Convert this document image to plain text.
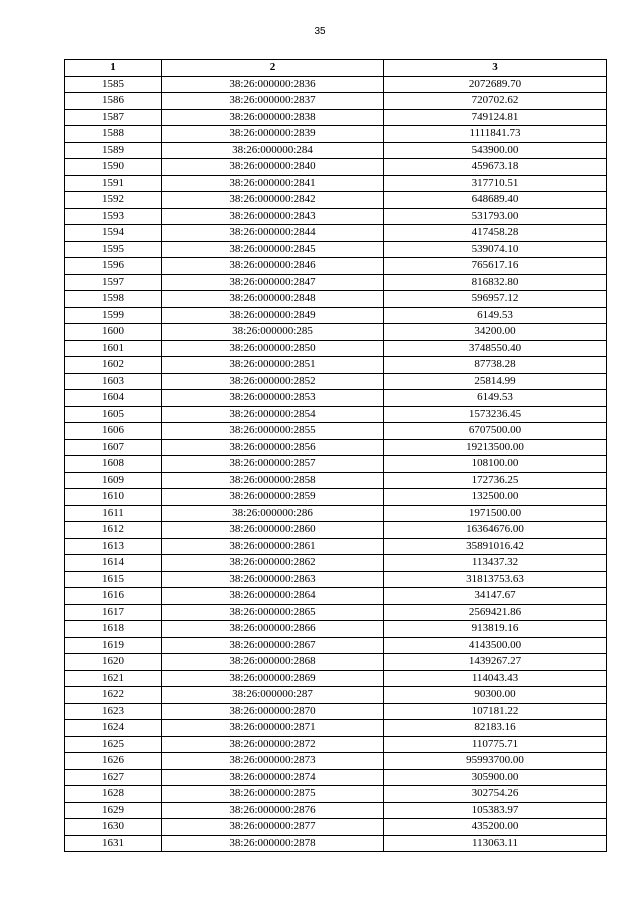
35
1	2	3
1585	38:26:000000:2836	2072689.70
1586	38:26:000000:2837	720702.62
1587	38:26:000000:2838	749124.81
1588	38:26:000000:2839	1111841.73
1589	38:26:000000:284	543900.00
1590	38:26:000000:2840	459673.18
1591	38:26:000000:2841	317710.51
1592	38:26:000000:2842	648689.40
1593	38:26:000000:2843	531793.00
1594	38:26:000000:2844	417458.28
1595	38:26:000000:2845	539074.10
1596	38:26:000000:2846	765617.16
1597	38:26:000000:2847	816832.80
1598	38:26:000000:2848	596957.12
1599	38:26:000000:2849	6149.53
1600	38:26:000000:285	34200.00
1601	38:26:000000:2850	3748550.40
1602	38:26:000000:2851	87738.28
1603	38:26:000000:2852	25814.99
1604	38:26:000000:2853	6149.53
1605	38:26:000000:2854	1573236.45
1606	38:26:000000:2855	6707500.00
1607	38:26:000000:2856	19213500.00
1608	38:26:000000:2857	108100.00
1609	38:26:000000:2858	172736.25
1610	38:26:000000:2859	132500.00
1611	38:26:000000:286	1971500.00
1612	38:26:000000:2860	16364676.00
1613	38:26:000000:2861	35891016.42
1614	38:26:000000:2862	113437.32
1615	38:26:000000:2863	31813753.63
1616	38:26:000000:2864	34147.67
1617	38:26:000000:2865	2569421.86
1618	38:26:000000:2866	913819.16
1619	38:26:000000:2867	4143500.00
1620	38:26:000000:2868	1439267.27
1621	38:26:000000:2869	114043.43
1622	38:26:000000:287	90300.00
1623	38:26:000000:2870	107181.22
1624	38:26:000000:2871	82183.16
1625	38:26:000000:2872	110775.71
1626	38:26:000000:2873	95993700.00
1627	38:26:000000:2874	305900.00
1628	38:26:000000:2875	302754.26
1629	38:26:000000:2876	105383.97
1630	38:26:000000:2877	435200.00
1631	38:26:000000:2878	113063.11
